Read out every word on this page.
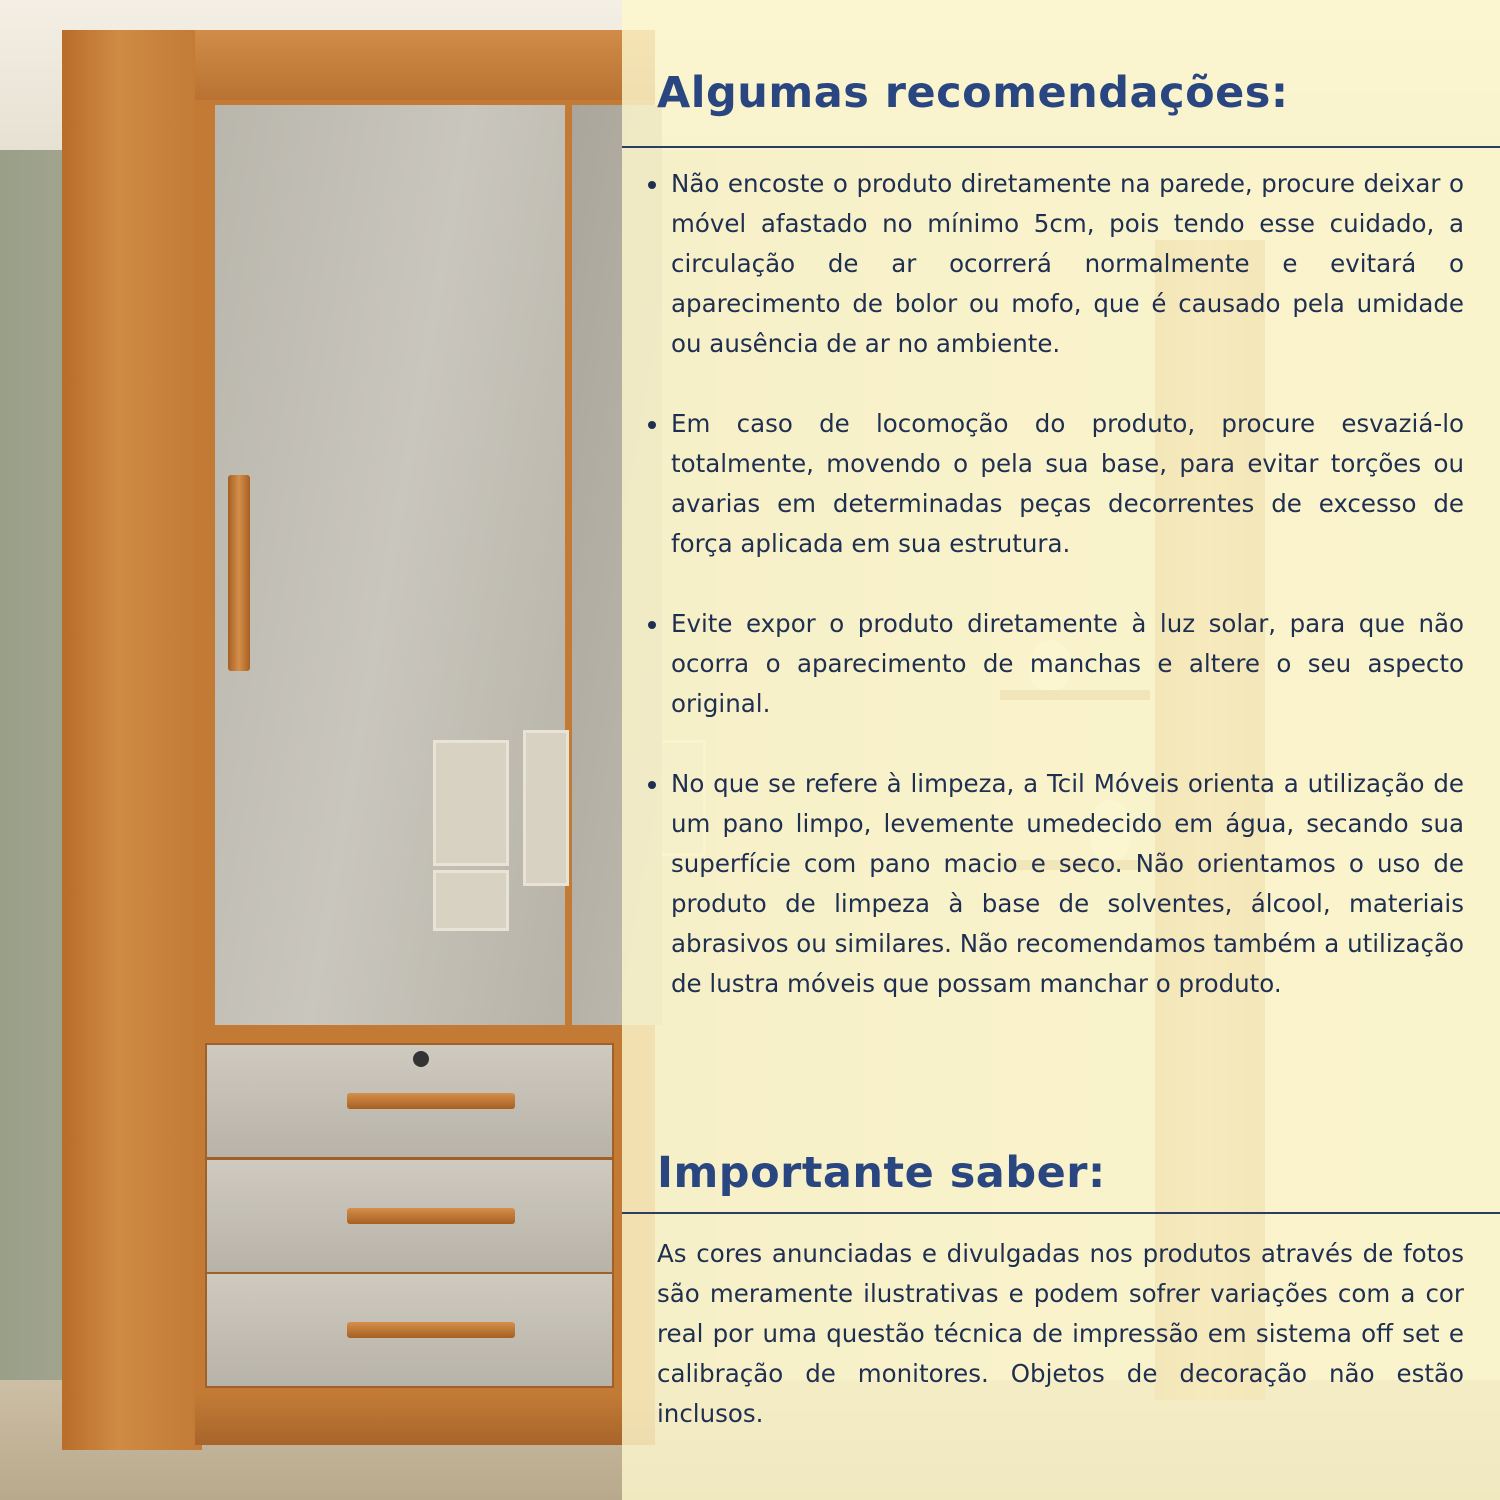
Algumas recomendações:
Não encoste o produto diretamente na parede, procure deixar o móvel afastado no mínimo 5cm, pois tendo esse cuidado, a circulação de ar ocorrerá normalmente e evitará o aparecimento de bolor ou mofo, que é causado pela umidade ou ausência de ar no ambiente.
Em caso de locomoção do produto, procure esvaziá-lo totalmente, movendo o pela sua base, para evitar torções ou avarias em determinadas peças decorrentes de excesso de força aplicada em sua estrutura.
Evite expor o produto diretamente à luz solar, para que não ocorra o aparecimento de manchas e altere o seu aspecto original.
No que se refere à limpeza, a Tcil Móveis orienta a utilização de um pano limpo, levemente umedecido em água, secando sua superfície com pano macio e seco. Não orientamos o uso de produto de limpeza à base de solventes, álcool, materiais abrasivos ou similares. Não recomendamos também a utilização de lustra móveis que possam manchar o produto.
Importante saber:

As cores anunciadas e divulgadas nos produtos através de fotos são meramente ilustrativas e podem sofrer variações com a cor real por uma questão técnica de impressão em sistema off set e calibração de monitores. Objetos de decoração não estão inclusos.
